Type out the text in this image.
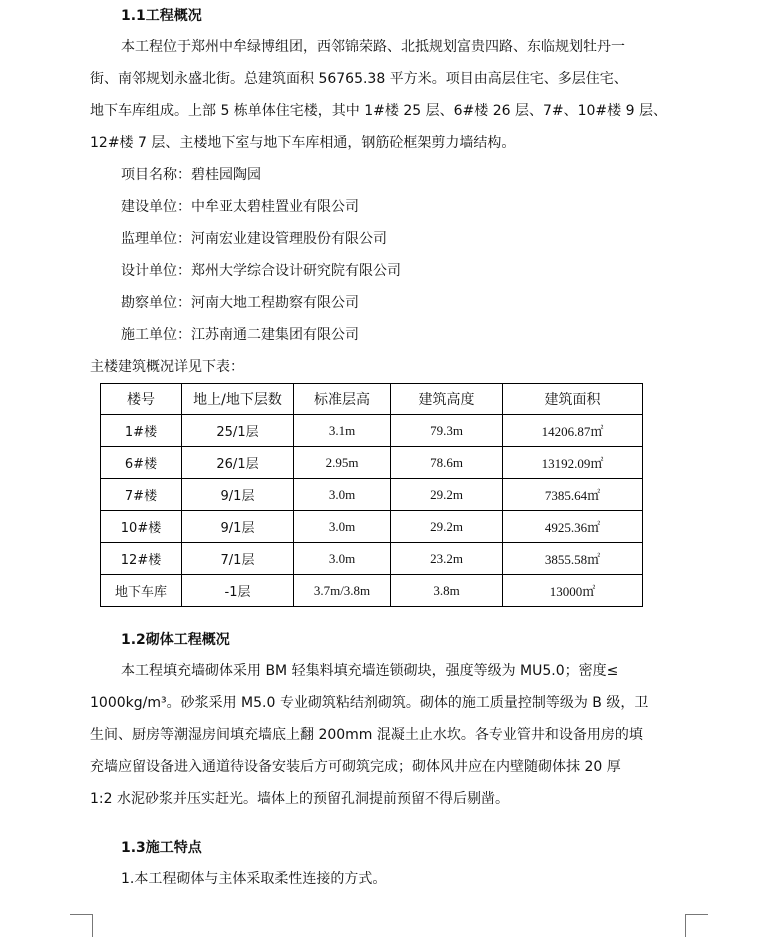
1.1工程概况

本工程位于郑州中牟绿博组团，西邻锦荣路、北抵规划富贵四路、东临规划牡丹一

街、南邻规划永盛北街。总建筑面积 56765.38 平方米。项目由高层住宅、多层住宅、

地下车库组成。上部 5 栋单体住宅楼，其中 1#楼 25 层、6#楼 26 层、7#、10#楼 9 层、

12#楼 7 层、主楼地下室与地下车库相通，钢筋砼框架剪力墙结构。

项目名称：碧桂园陶园

建设单位：中牟亚太碧桂置业有限公司

监理单位：河南宏业建设管理股份有限公司

设计单位：郑州大学综合设计研究院有限公司

勘察单位：河南大地工程勘察有限公司

施工单位：江苏南通二建集团有限公司

主楼建筑概况详见下表：

楼号	地上/地下层数	标准层高	建筑高度	建筑面积
1#楼	25/1层	3.1m	79.3m	14206.87㎡
6#楼	26/1层	2.95m	78.6m	13192.09㎡
7#楼	9/1层	3.0m	29.2m	7385.64㎡
10#楼	9/1层	3.0m	29.2m	4925.36㎡
12#楼	7/1层	3.0m	23.2m	3855.58㎡
地下车库	-1层	3.7m/3.8m	3.8m	13000㎡

1.2砌体工程概况

本工程填充墙砌体采用 BM 轻集料填充墙连锁砌块，强度等级为 MU5.0；密度≤

1000kg/m³。砂浆采用 M5.0 专业砌筑粘结剂砌筑。砌体的施工质量控制等级为 B 级，卫

生间、厨房等潮湿房间填充墙底上翻 200mm 混凝土止水坎。各专业管井和设备用房的填

充墙应留设备进入通道待设备安装后方可砌筑完成；砌体风井应在内壁随砌体抹 20 厚

1:2 水泥砂浆并压实赶光。墙体上的预留孔洞提前预留不得后剔凿。

1.3施工特点

1.本工程砌体与主体采取柔性连接的方式。
